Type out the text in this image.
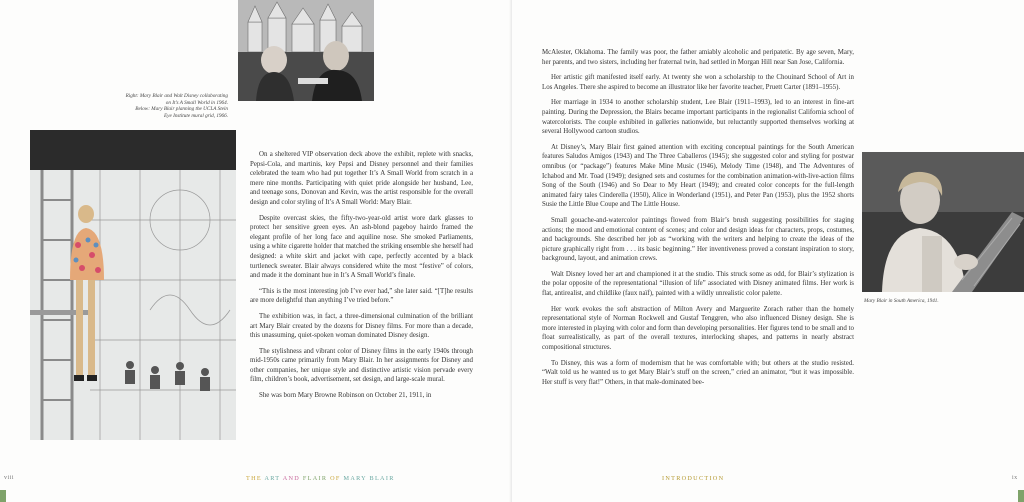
Right: Mary Blair and Walt Disney collaborating
on It’s A Small World in 1964.
Below: Mary Blair planning the UCLA Stein
Eye Institute mural grid, 1966.

On a sheltered VIP observation deck above the exhibit, replete with snacks, Pepsi-Cola, and martinis, key Pepsi and Disney personnel and their families celebrated the team who had put together It’s A Small World from scratch in a mere nine months. Participating with quiet pride alongside her husband, Lee, and teenage sons, Donovan and Kevin, was the artist responsible for the overall design and color styling of It’s A Small World: Mary Blair.

Despite overcast skies, the fifty-two-year-old artist wore dark glasses to protect her sensitive green eyes. An ash-blond pageboy hairdo framed the elegant profile of her long face and aquiline nose. She smoked Parliaments, using a white cigarette holder that matched the striking ensemble she herself had designed: a white skirt and jacket with cape, perfectly accented by a black turtleneck sweater. Blair always considered white the most “festive” of colors, and made it the dominant hue in It’s A Small World’s finale.

“This is the most interesting job I’ve ever had,” she later said. “[T]he results are more delightful than anything I’ve tried before.”

The exhibition was, in fact, a three-dimensional culmination of the brilliant art Mary Blair created by the dozens for Disney films. For more than a decade, this unassuming, quiet-spoken woman dominated Disney design.

The stylishness and vibrant color of Disney films in the early 1940s through mid-1950s came primarily from Mary Blair. In her assignments for Disney and other companies, her unique style and distinctive artistic vision pervade every film, children’s book, advertisement, set design, and large-scale mural.

She was born Mary Browne Robinson on October 21, 1911, in

viii	THE ART AND FLAIR OF MARY BLAIR

McAlester, Oklahoma. The family was poor, the father amiably alcoholic and peripatetic. By age seven, Mary, her parents, and two sisters, including her fraternal twin, had settled in Morgan Hill near San Jose, California.

Her artistic gift manifested itself early. At twenty she won a scholarship to the Chouinard School of Art in Los Angeles. There she aspired to become an illustrator like her favorite teacher, Pruett Carter (1891–1955).

Her marriage in 1934 to another scholarship student, Lee Blair (1911–1993), led to an interest in fine-art painting. During the Depression, the Blairs became important participants in the regionalist California school of watercolorists. The couple exhibited in galleries nationwide, but reluctantly supported themselves working at several Hollywood cartoon studios.

At Disney’s, Mary Blair first gained attention with exciting conceptual paintings for the South American features Saludos Amigos (1943) and The Three Caballeros (1945); she suggested color and styling for postwar omnibus (or “package”) features Make Mine Music (1946), Melody Time (1948), and The Adventures of Ichabod and Mr. Toad (1949); designed sets and costumes for the combination animation-with-live-action films Song of the South (1946) and So Dear to My Heart (1949); and created color concepts for the full-length animated fairy tales Cinderella (1950), Alice in Wonderland (1951), and Peter Pan (1953), plus the 1952 shorts Susie the Little Blue Coupe and The Little House.

Small gouache-and-watercolor paintings flowed from Blair’s brush suggesting possibilities for staging actions; the mood and emotional content of scenes; and color and design ideas for characters, props, costumes, and backgrounds. She described her job as “working with the writers and helping to create the ideas of the picture graphically right from . . . its basic beginning.” Her inventiveness proved a constant inspiration to story, background, layout, and animation crews.

Walt Disney loved her art and championed it at the studio. This struck some as odd, for Blair’s stylization is the polar opposite of the representational “illusion of life” associated with Disney animated films. Her work is flat, antirealist, and childlike (faux naïf), painted with a wildly unrealistic color palette.

Her work evokes the soft abstraction of Milton Avery and Marguerite Zorach rather than the homely representational style of Norman Rockwell and Gustaf Tenggren, who also influenced Disney design. She is more interested in playing with color and form than developing personalities. Her figures tend to be small and to float surrealistically, as part of the overall textures, interlocking shapes, and patterns in nearly abstract compositional structures.

To Disney, this was a form of modernism that he was comfortable with; but others at the studio resisted. “Walt told us he wanted us to get Mary Blair’s stuff on the screen,” cried an animator, “but it was impossible. Her stuff is very flat!” Others, in that male-dominated bee-

Mary Blair in South America, 1941.
INTRODUCTION	ix
